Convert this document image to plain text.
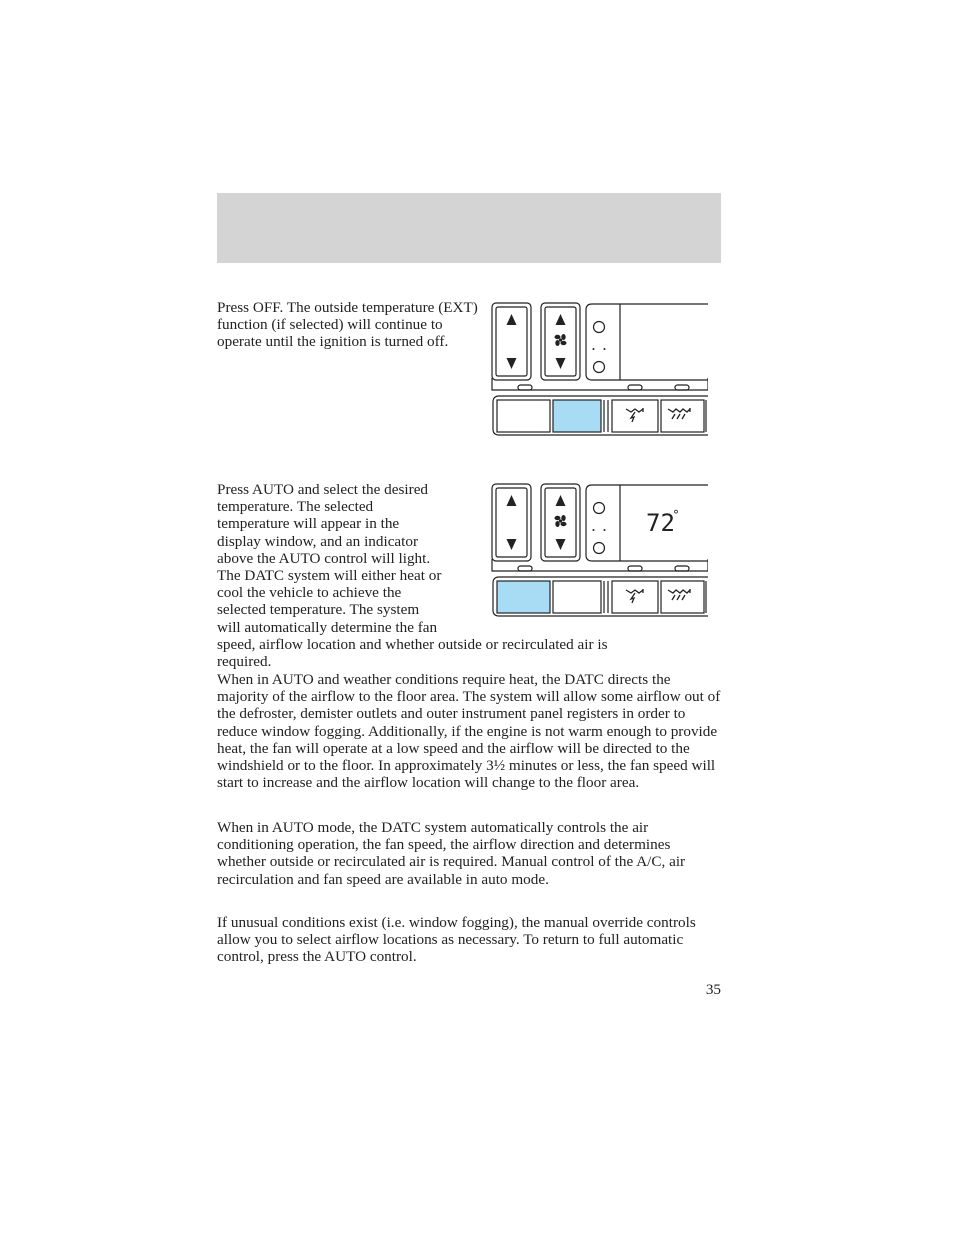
Press OFF. The outside temperature (EXT) function (if selected) will continue to operate until the ignition is turned off.

Press AUTO and select the desired
temperature. The selected
temperature will appear in the
display window, and an indicator
above the AUTO control will light.
The DATC system will either heat or
cool the vehicle to achieve the
selected temperature. The system
will automatically determine the fan
speed, airflow location and whether outside or recirculated air is
required.

When in AUTO and weather conditions require heat, the DATC directs the majority of the airflow to the floor area. The system will allow some airflow out of the defroster, demister outlets and outer instrument panel registers in order to reduce window fogging. Additionally, if the engine is not warm enough to provide heat, the fan will operate at a low speed and the airflow will be directed to the windshield or to the floor. In approximately 3½ minutes or less, the fan speed will start to increase and the airflow location will change to the floor area.

When in AUTO mode, the DATC system automatically controls the air conditioning operation, the fan speed, the airflow direction and determines whether outside or recirculated air is required. Manual control of the A/C, air recirculation and fan speed are available in auto mode.

If unusual conditions exist (i.e. window fogging), the manual override controls allow you to select airflow locations as necessary. To return to full automatic control, press the AUTO control.

35
72
°
